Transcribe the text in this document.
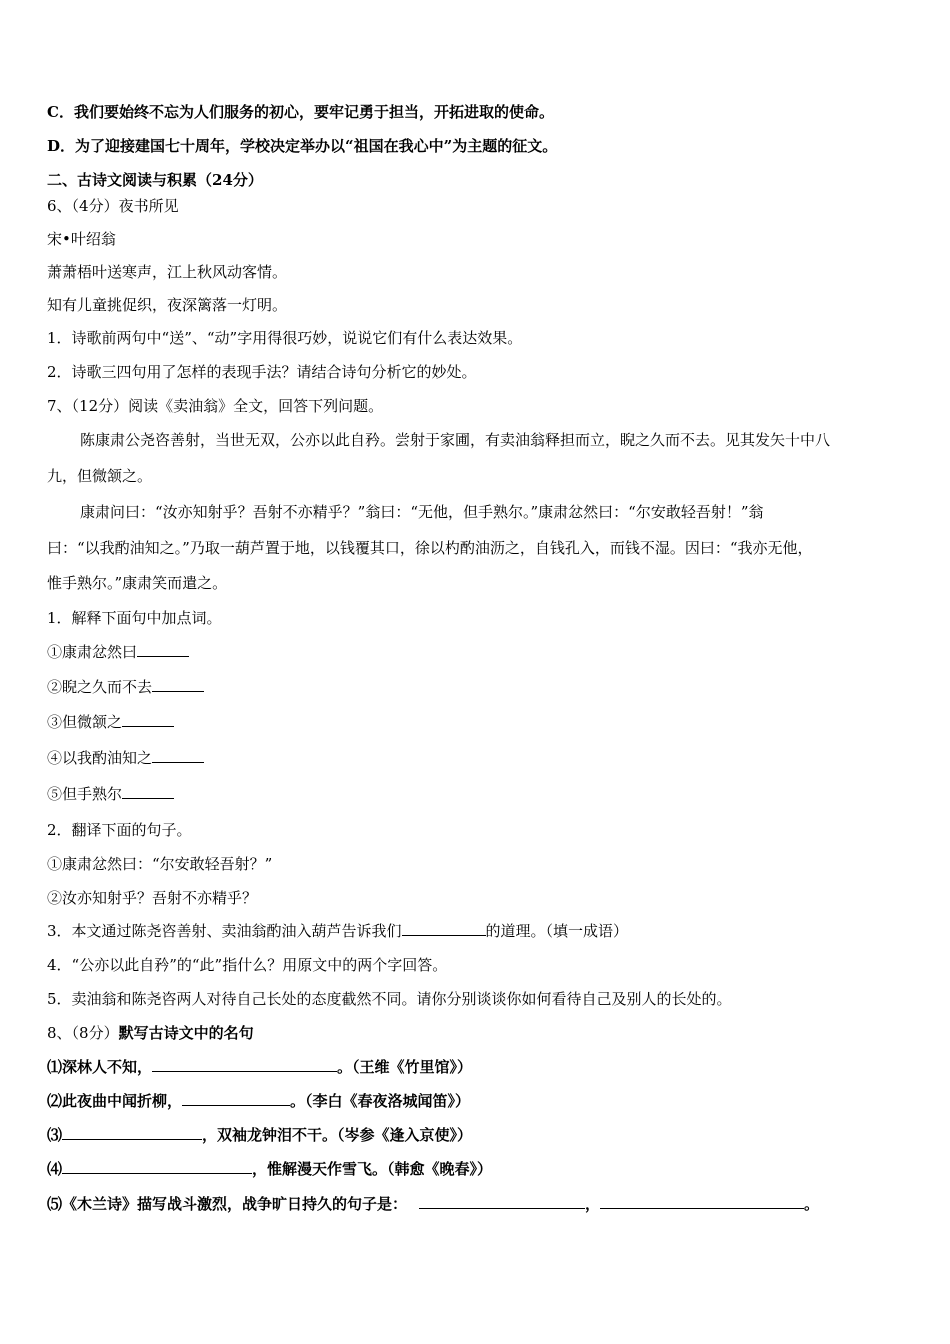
C．我们要始终不忘为人们服务的初心，要牢记勇于担当，开拓进取的使命。
D．为了迎接建国七十周年，学校决定举办以“祖国在我心中”为主题的征文。
二、古诗文阅读与积累（24分）
6、（4分）夜书所见
宋•叶绍翁
萧萧梧叶送寒声，江上秋风动客情。
知有儿童挑促织，夜深篱落一灯明。
1．诗歌前两句中“送”、“动”字用得很巧妙，说说它们有什么表达效果。
2．诗歌三四句用了怎样的表现手法？请结合诗句分析它的妙处。
7、（12分）阅读《卖油翁》全文，回答下列问题。
陈康肃公尧咨善射，当世无双，公亦以此自矜。尝射于家圃，有卖油翁释担而立，睨之久而不去。见其发矢十中八
九，但微颔之。
康肃问曰：“汝亦知射乎？吾射不亦精乎？”翁曰：“无他，但手熟尔。”康肃忿然曰：“尔安敢轻吾射！”翁
曰：“以我酌油知之。”乃取一葫芦置于地，以钱覆其口，徐以杓酌油沥之，自钱孔入，而钱不湿。因曰：“我亦无他，
惟手熟尔。”康肃笑而遣之。
1．解释下面句中加点词。
①康肃忿然曰
②睨之久而不去
③但微颔之
④以我酌油知之
⑤但手熟尔
2．翻译下面的句子。
①康肃忿然曰：“尔安敢轻吾射？”
②汝亦知射乎？吾射不亦精乎？
3．本文通过陈尧咨善射、卖油翁酌油入葫芦告诉我们	的道理。（填一成语）
4．“公亦以此自矜”的“此”指什么？用原文中的两个字回答。
5．卖油翁和陈尧咨两人对待自己长处的态度截然不同。请你分别谈谈你如何看待自己及别人的长处的。
8、（8分）默写古诗文中的名句
⑴深林人不知，	。（王维《竹里馆》）
⑵此夜曲中闻折柳，	。（李白《春夜洛城闻笛》）
⑶	，双袖龙钟泪不干。（岑参《逢入京使》）
⑷	，惟解漫天作雪飞。（韩愈《晚春》）
⑸《木兰诗》描写战斗激烈，战争旷日持久的句子是：	，	。
